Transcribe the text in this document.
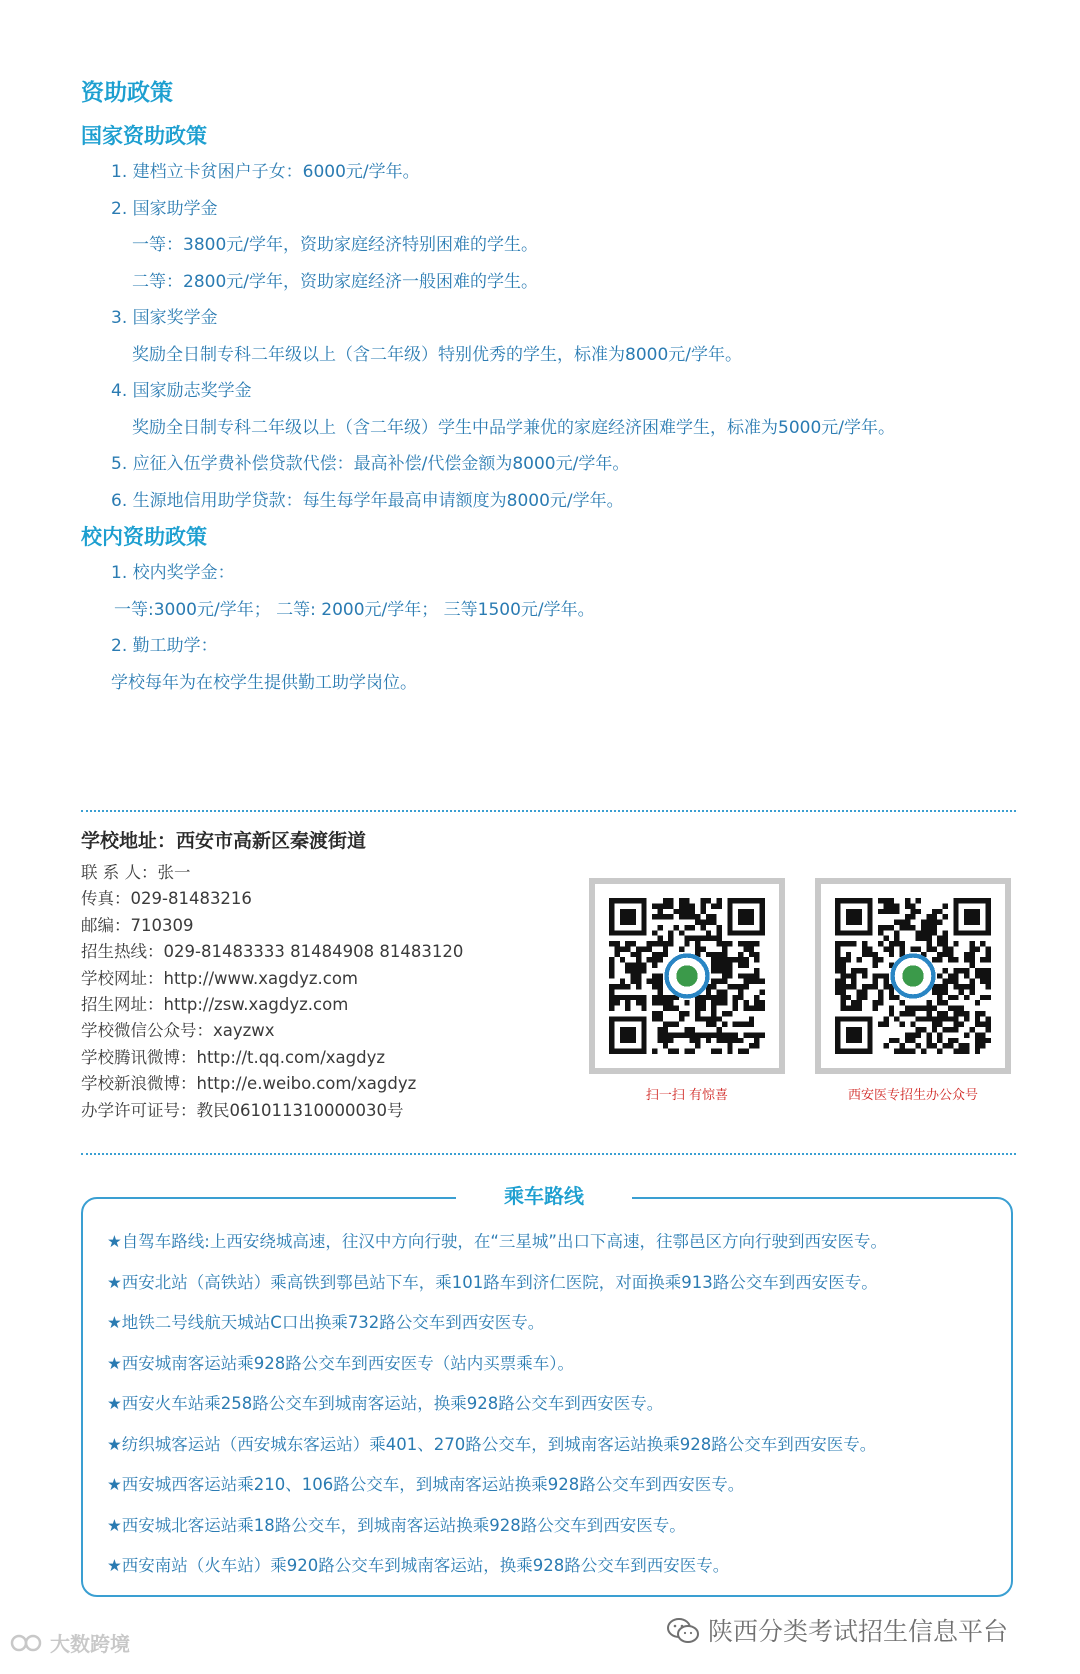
资助政策
国家资助政策
1. 建档立卡贫困户子女：6000元/学年。
2. 国家助学金
一等：3800元/学年，资助家庭经济特别困难的学生。
二等：2800元/学年，资助家庭经济一般困难的学生。
3. 国家奖学金
奖励全日制专科二年级以上（含二年级）特别优秀的学生，标准为8000元/学年。
4. 国家励志奖学金
奖励全日制专科二年级以上（含二年级）学生中品学兼优的家庭经济困难学生，标准为5000元/学年。
5. 应征入伍学费补偿贷款代偿：最高补偿/代偿金额为8000元/学年。
6. 生源地信用助学贷款：每生每学年最高申请额度为8000元/学年。
校内资助政策
1. 校内奖学金：
一等:3000元/学年； 二等: 2000元/学年； 三等1500元/学年。
2. 勤工助学：
学校每年为在校学生提供勤工助学岗位。
学校地址：西安市高新区秦渡街道
联 系 人：张一
传真：029-81483216
邮编：710309
招生热线：029-81483333 81484908 81483120
学校网址：http://www.xagdyz.com
招生网址：http://zsw.xagdyz.com
学校微信公众号：xayzwx
学校腾讯微博：http://t.qq.com/xagdyz
学校新浪微博：http://e.weibo.com/xagdyz
办学许可证号：教民061011310000030号
扫一扫 有惊喜	西安医专招生办公众号
乘车路线
★自驾车路线:上西安绕城高速，往汉中方向行驶，在“三星城”出口下高速，往鄠邑区方向行驶到西安医专。
★西安北站（高铁站）乘高铁到鄠邑站下车，乘101路车到济仁医院，对面换乘913路公交车到西安医专。
★地铁二号线航天城站C口出换乘732路公交车到西安医专。
★西安城南客运站乘928路公交车到西安医专（站内买票乘车）。
★西安火车站乘258路公交车到城南客运站，换乘928路公交车到西安医专。
★纺织城客运站（西安城东客运站）乘401、270路公交车，到城南客运站换乘928路公交车到西安医专。
★西安城西客运站乘210、106路公交车，到城南客运站换乘928路公交车到西安医专。
★西安城北客运站乘18路公交车，到城南客运站换乘928路公交车到西安医专。
★西安南站（火车站）乘920路公交车到城南客运站，换乘928路公交车到西安医专。
大数跨境	陕西分类考试招生信息平台
